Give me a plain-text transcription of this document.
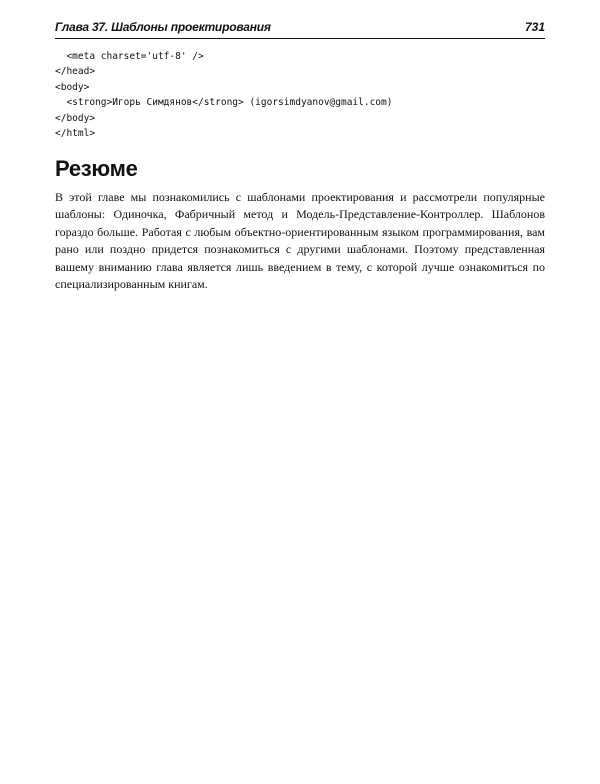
Глава 37. Шаблоны проектирования	731
<meta charset='utf-8' />
</head>
<body>
<strong>Игорь Симдянов</strong> (igorsimdyanov@gmail.com)
</body>
</html>
Резюме

В этой главе мы познакомились с шаблонами проектирования и рассмотрели популярные шаблоны: Одиночка, Фабричный метод и Модель-Представление-Контроллер. Шаблонов гораздо больше. Работая с любым объектно-ориентированным языком программирования, вам рано или поздно придется познакомиться с другими шаблонами. Поэтому представленная вашему вниманию глава является лишь введением в тему, с которой лучше ознакомиться по специализированным книгам.
